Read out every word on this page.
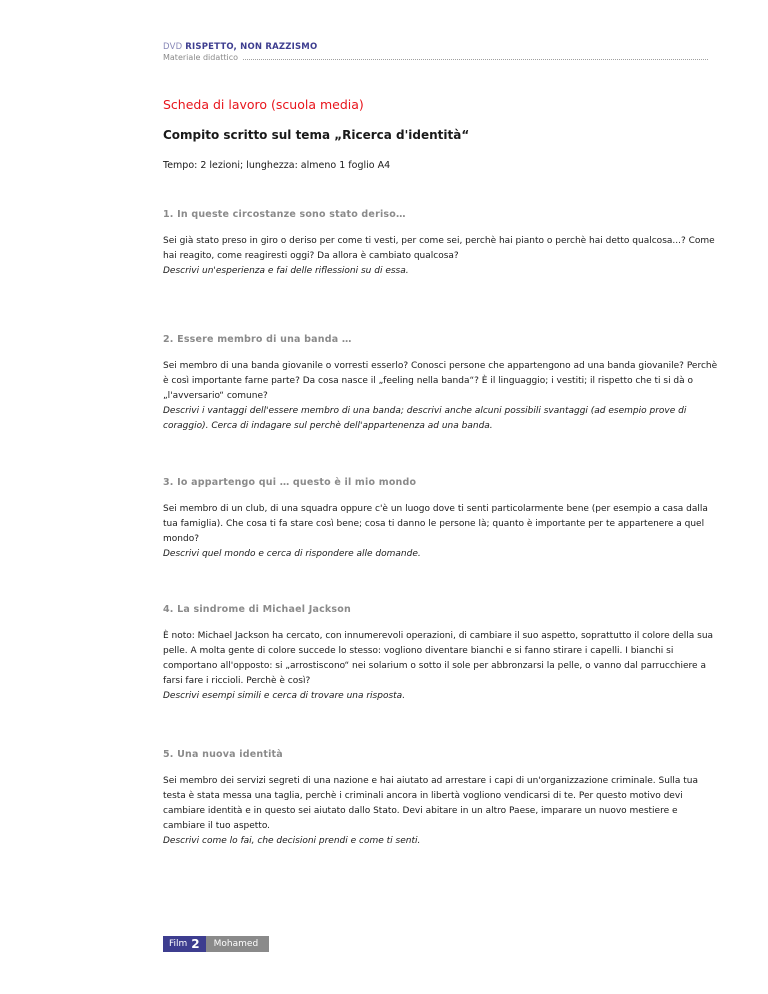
DVD RISPETTO, NON RAZZISMO
Materiale didattico
Scheda di lavoro (scuola media)
Compito scritto sul tema „Ricerca d'identità“
Tempo: 2 lezioni; lunghezza: almeno 1 foglio A4
1. In queste circostanze sono stato deriso…
Sei già stato preso in giro o deriso per come ti vesti, per come sei, perchè hai pianto o perchè hai detto qualcosa...? Come hai reagito, come reagiresti oggi? Da allora è cambiato qualcosa?
Descrivi un'esperienza e fai delle riflessioni su di essa.
2. Essere membro di una banda …
Sei membro di una banda giovanile o vorresti esserlo? Conosci persone che appartengono ad una banda giovanile? Perchè è così importante farne parte? Da cosa nasce il „feeling nella banda“? È il linguaggio; i vestiti; il rispetto che ti si dà o „l'avversario“ comune?
Descrivi i vantaggi dell'essere membro di una banda; descrivi anche alcuni possibili svantaggi (ad esempio prove di coraggio). Cerca di indagare sul perchè dell'appartenenza ad una banda.
3. Io appartengo qui … questo è il mio mondo
Sei membro di un club, di una squadra oppure c'è un luogo dove ti senti particolarmente bene (per esempio a casa dalla tua famiglia). Che cosa ti fa stare così bene; cosa ti danno le persone là; quanto è importante per te appartenere a quel mondo?
Descrivi quel mondo e cerca di rispondere alle domande.
4. La sindrome di Michael Jackson
È noto: Michael Jackson ha cercato, con innumerevoli operazioni, di cambiare il suo aspetto, soprattutto il colore della sua pelle. A molta gente di colore succede lo stesso: vogliono diventare bianchi e si fanno stirare i capelli. I bianchi si comportano all'opposto: si „arrostiscono“ nei solarium o sotto il sole per abbronzarsi la pelle, o vanno dal parrucchiere a farsi fare i riccioli. Perchè è così?
Descrivi esempi simili e cerca di trovare una risposta.
5. Una nuova identità
Sei membro dei servizi segreti di una nazione e hai aiutato ad arrestare i capi di un'organizzazione criminale. Sulla tua testa è stata messa una taglia, perchè i criminali ancora in libertà vogliono vendicarsi di te. Per questo motivo devi cambiare identità e in questo sei aiutato dallo Stato. Devi abitare in un altro Paese, imparare un nuovo mestiere e cambiare il tuo aspetto.
Descrivi come lo fai, che decisioni prendi e come ti senti.
Film 2	Mohamed
